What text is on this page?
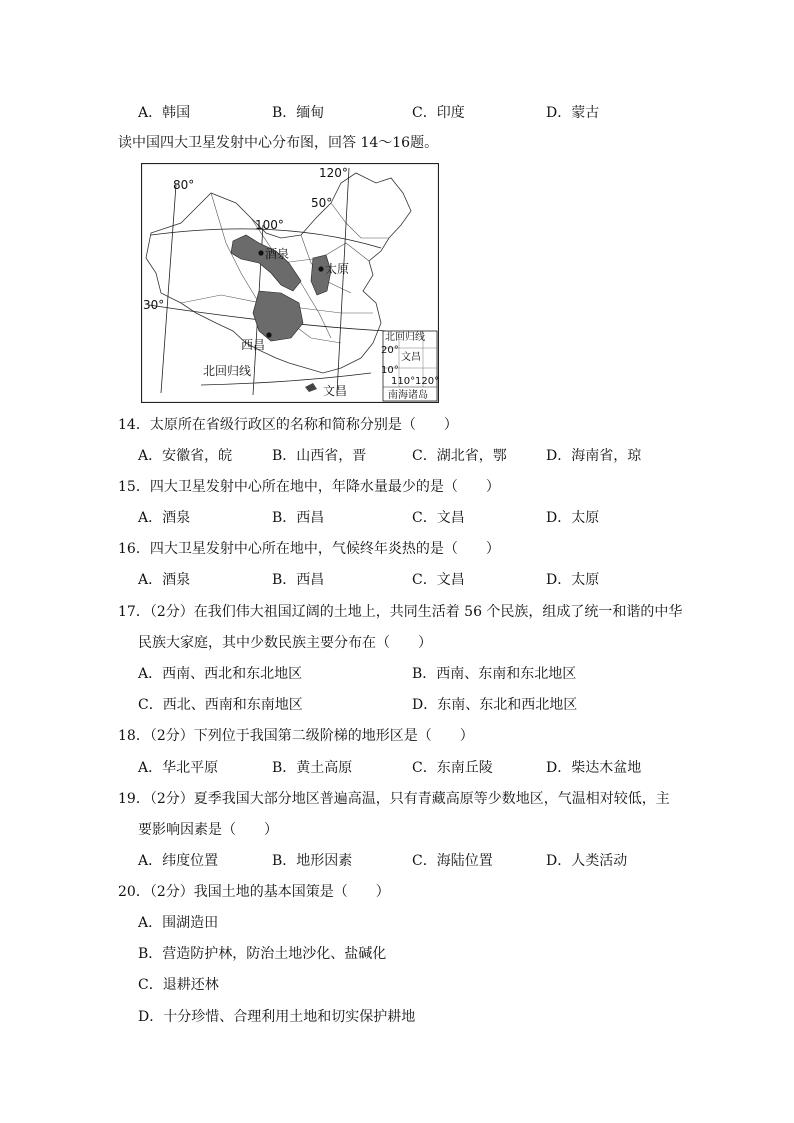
A．韩国	B．缅甸	C．印度	D．蒙古
读中国四大卫星发射中心分布图，回答 14～16题。
80°
100°
120°
50°
30°
酒泉
太原
西昌
文昌
北回归线
北回归线
20°
文昌
10°
110° 120°
南海诸岛
14．太原所在省级行政区的名称和简称分别是（　　）
A．安徽省，皖	B．山西省，晋	C．湖北省，鄂	D．海南省，琼
15．四大卫星发射中心所在地中，年降水量最少的是（　　）
A．酒泉	B．西昌	C．文昌	D．太原
16．四大卫星发射中心所在地中，气候终年炎热的是（　　）
A．酒泉	B．西昌	C．文昌	D．太原
17．（2分）在我们伟大祖国辽阔的土地上，共同生活着 56 个民族，组成了统一和谐的中华
民族大家庭，其中少数民族主要分布在（　　）
A．西南、西北和东北地区	B．西南、东南和东北地区
C．西北、西南和东南地区	D．东南、东北和西北地区
18．（2分）下列位于我国第二级阶梯的地形区是（　　）
A．华北平原	B．黄土高原	C．东南丘陵	D．柴达木盆地
19．（2分）夏季我国大部分地区普遍高温，只有青藏高原等少数地区，气温相对较低，主
要影响因素是（　　）
A．纬度位置	B．地形因素	C．海陆位置	D．人类活动
20．（2分）我国土地的基本国策是（　　）
A．围湖造田
B．营造防护林，防治土地沙化、盐碱化
C．退耕还林
D．十分珍惜、合理利用土地和切实保护耕地
